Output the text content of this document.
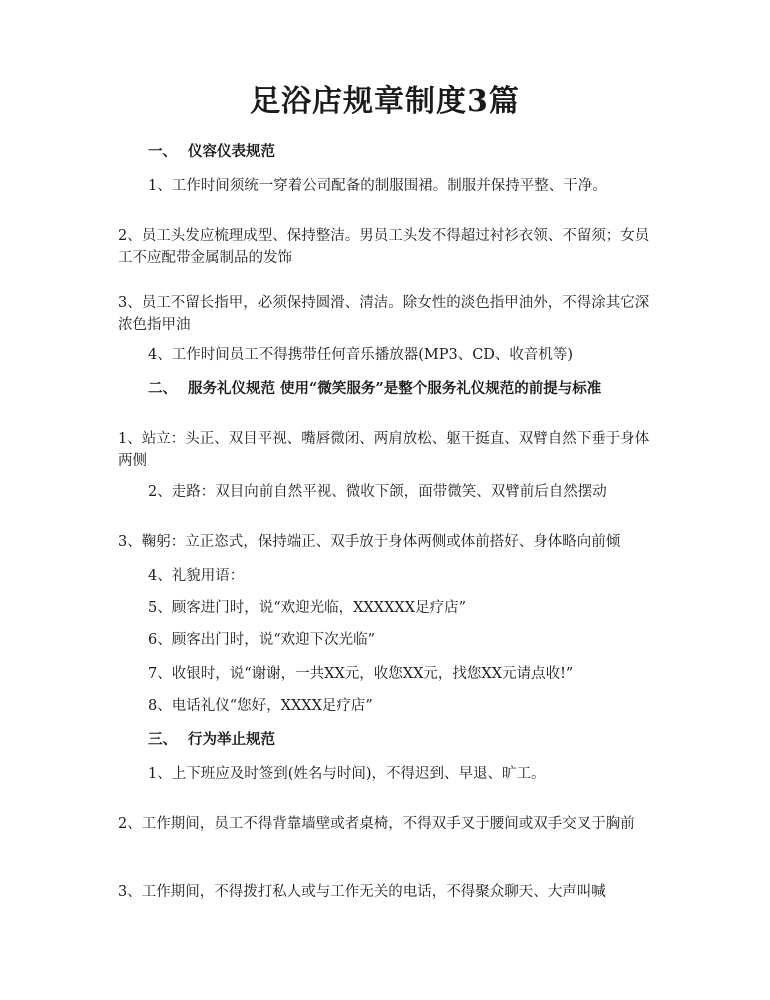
足浴店规章制度3篇
一、 仪容仪表规范
1、工作时间须统一穿着公司配备的制服围裙。制服并保持平整、干净。
2、员工头发应梳理成型、保持整洁。男员工头发不得超过衬衫衣领、不留须；女员工不应配带金属制品的发饰
3、员工不留长指甲，必须保持圆滑、清洁。除女性的淡色指甲油外，不得涂其它深浓色指甲油
4、工作时间员工不得携带任何音乐播放器(MP3、CD、收音机等)
二、 服务礼仪规范 使用“微笑服务”是整个服务礼仪规范的前提与标准
1、站立：头正、双目平视、嘴唇微闭、两肩放松、躯干挺直、双臂自然下垂于身体两侧
2、走路：双目向前自然平视、微收下颌，面带微笑、双臂前后自然摆动
3、鞠躬：立正恣式，保持端正、双手放于身体两侧或体前搭好、身体略向前倾
4、礼貌用语：
5、顾客进门时，说“欢迎光临，XXXXXX足疗店”
6、顾客出门时，说“欢迎下次光临”
7、收银时，说“谢谢，一共XX元，收您XX元，找您XX元请点收!”
8、电话礼仪“您好，XXXX足疗店”
三、 行为举止规范
1、上下班应及时签到(姓名与时间)，不得迟到、早退、旷工。
2、工作期间，员工不得背靠墙壁或者桌椅，不得双手叉于腰间或双手交叉于胸前
3、工作期间，不得拨打私人或与工作无关的电话，不得聚众聊天、大声叫喊
